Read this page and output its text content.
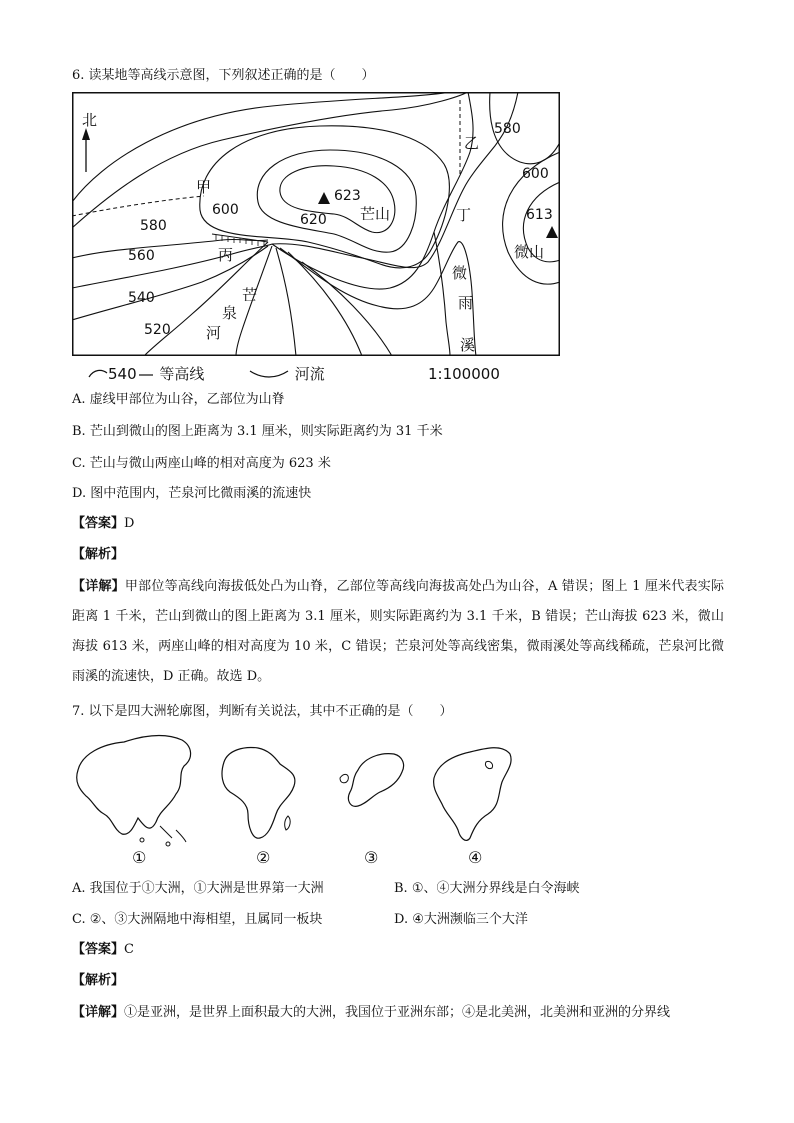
6. 读某地等高线示意图，下列叙述正确的是（　　）
北
甲
乙
丙
丁
芒山
微山
芒
泉
河
微
雨
溪
580
600
613
623
620
600
580
560
540
520
540 等高线	河流	1:100000
A. 虚线甲部位为山谷，乙部位为山脊
B. 芒山到微山的图上距离为 3.1 厘米，则实际距离约为 31 千米
C. 芒山与微山两座山峰的相对高度为 623 米
D. 图中范围内，芒泉河比微雨溪的流速快
【答案】D
【解析】
【详解】甲部位等高线向海拔低处凸为山脊，乙部位等高线向海拔高处凸为山谷，A 错误；图上 1 厘米代表实际距离 1 千米，芒山到微山的图上距离为 3.1 厘米，则实际距离约为 3.1 千米，B 错误；芒山海拔 623 米，微山海拔 613 米，两座山峰的相对高度为 10 米，C 错误；芒泉河处等高线密集，微雨溪处等高线稀疏，芒泉河比微雨溪的流速快，D 正确。故选 D。
7. 以下是四大洲轮廓图，判断有关说法，其中不正确的是（　　）
①	②	③	④
A. 我国位于①大洲，①大洲是世界第一大洲	B. ①、④大洲分界线是白令海峡
C. ②、③大洲隔地中海相望，且属同一板块	D. ④大洲濒临三个大洋
【答案】C
【解析】
【详解】①是亚洲，是世界上面积最大的大洲，我国位于亚洲东部；④是北美洲，北美洲和亚洲的分界线
